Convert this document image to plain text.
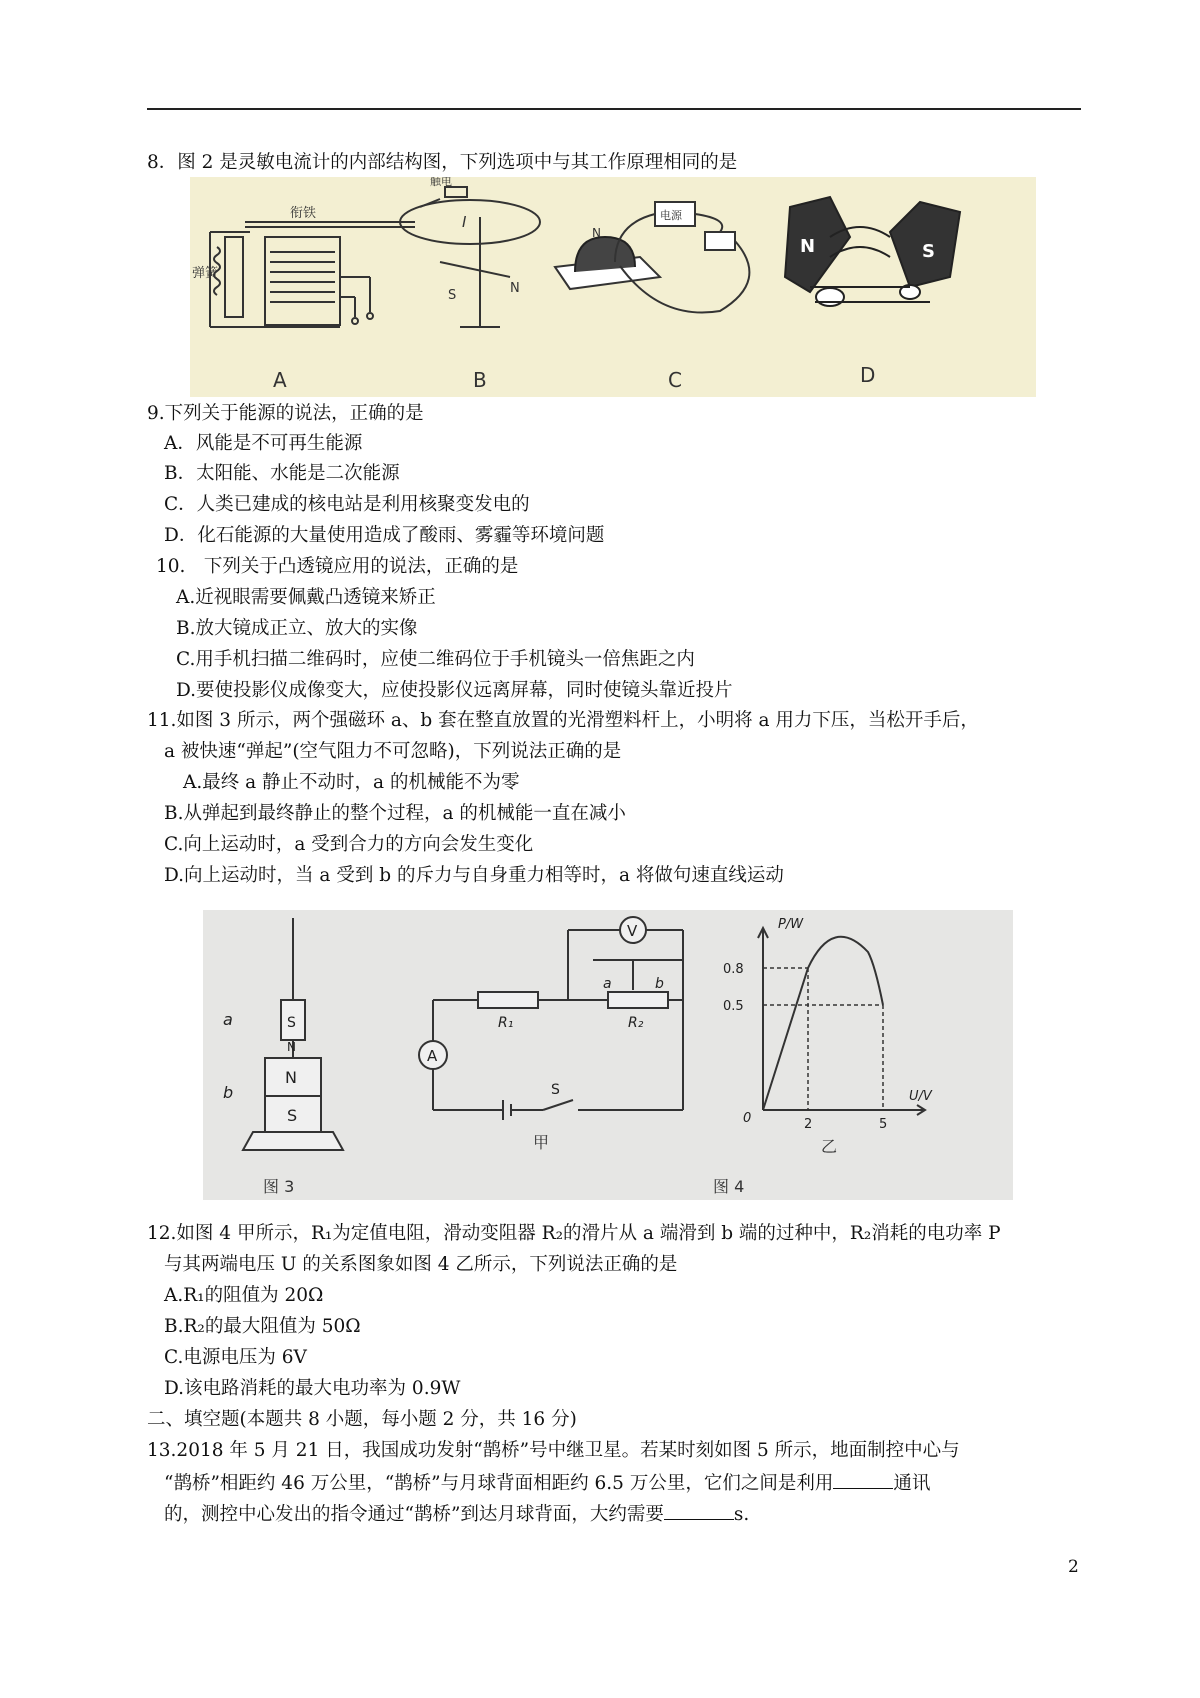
8．图 2 是灵敏电流计的内部结构图，下列选项中与其工作原理相同的是
衔铁
弹簧
A
触电
I
S	N
B
N
电源
C
N	S
D
9.下列关于能源的说法，正确的是
A．风能是不可再生能源
B．太阳能、水能是二次能源
C．人类已建成的核电站是利用核聚变发电的
D．化石能源的大量使用造成了酸雨、雾霾等环境问题
10.　下列关于凸透镜应用的说法，正确的是
A.近视眼需要佩戴凸透镜来矫正
B.放大镜成正立、放大的实像
C.用手机扫描二维码时，应使二维码位于手机镜头一倍焦距之内
D.要使投影仪成像变大，应使投影仪远离屏幕，同时使镜头靠近投片
11.如图 3 所示，两个强磁环 a、b 套在整直放置的光滑塑料杆上，小明将 a 用力下压，当松开手后，
a 被快速“弹起”(空气阻力不可忽略)，下列说法正确的是
A.最终 a 静止不动时，a 的机械能不为零
B.从弹起到最终静止的整个过程，a 的机械能一直在减小
C.向上运动时，a 受到合力的方向会发生变化
D.向上运动时，当 a 受到 b 的斥力与自身重力相等时，a 将做句速直线运动
S
N
N
S
a
b
图 3
A
V
R₁	R₂
a	b
S
甲
图 4
P/W
U/V
0.8
0.5
0	2	5
乙
12.如图 4 甲所示，R₁为定值电阻，滑动变阻器 R₂的滑片从 a 端滑到 b 端的过种中，R₂消耗的电功率 P
与其两端电压 U 的关系图象如图 4 乙所示，下列说法正确的是
A.R₁的阻值为 20Ω
B.R₂的最大阻值为 50Ω
C.电源电压为 6V
D.该电路消耗的最大电功率为 0.9W
二、填空题(本题共 8 小题，每小题 2 分，共 16 分)
13.2018 年 5 月 21 日，我国成功发射“鹊桥”号中继卫星。若某时刻如图 5 所示，地面制控中心与
“鹊桥”相距约 46 万公里，“鹊桥”与月球背面相距约 6.5 万公里，它们之间是利用	通讯
的，测控中心发出的指令通过“鹊桥”到达月球背面，大约需要	s.
2
